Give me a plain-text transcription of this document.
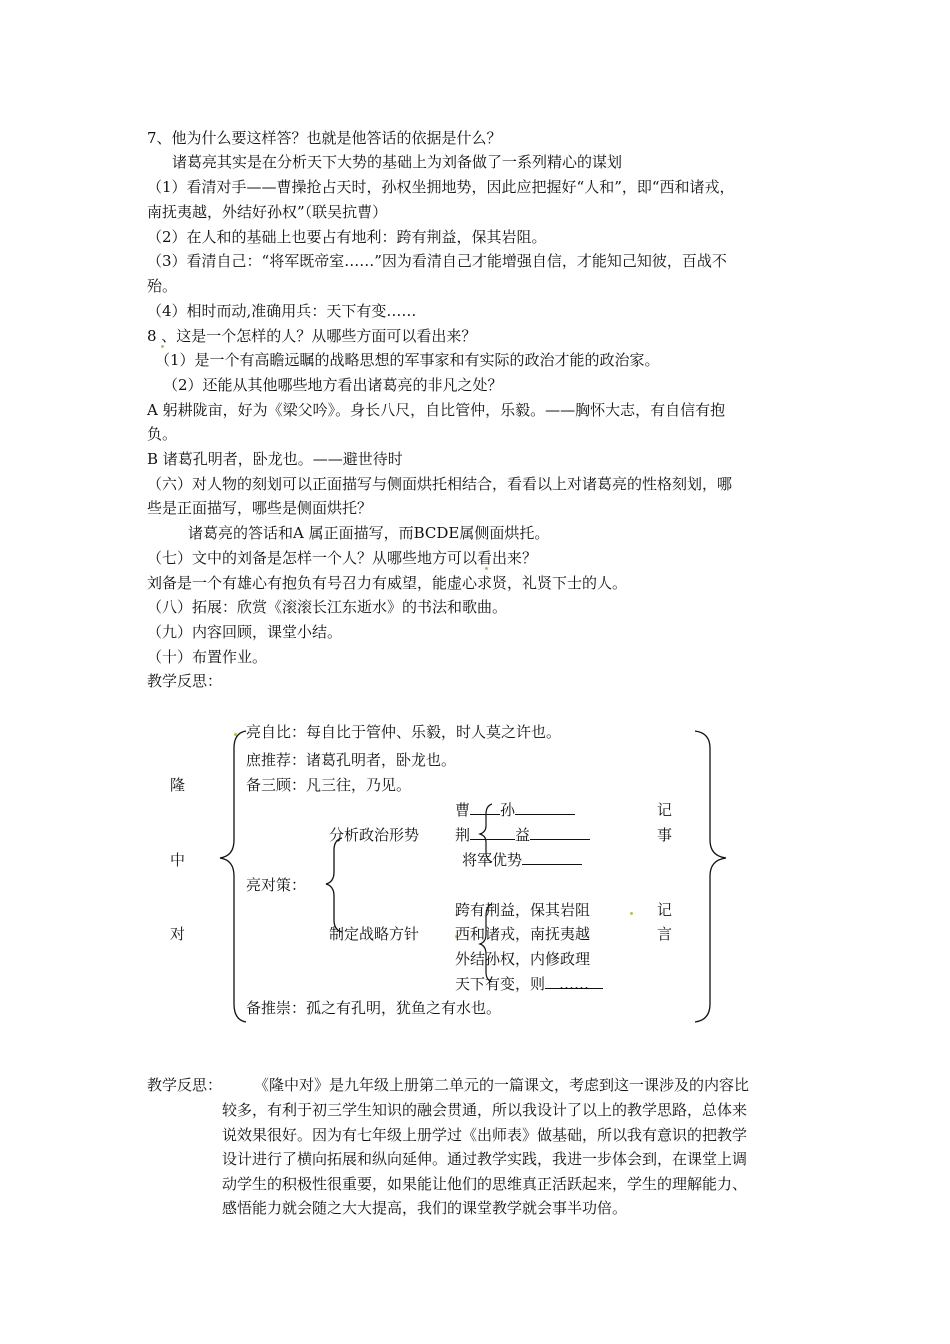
7、他为什么要这样答？也就是他答话的依据是什么？
诸葛亮其实是在分析天下大势的基础上为刘备做了一系列精心的谋划
（1）看清对手——曹操抢占天时，孙权坐拥地势，因此应把握好“人和”，即“西和诸戎，
南抚夷越，外结好孙权”（联吴抗曹）
（2）在人和的基础上也要占有地利：跨有荆益，保其岩阻。
（3）看清自己：“将军既帝室……”因为看清自己才能增强自信，才能知己知彼，百战不
殆。
（4）相时而动,准确用兵：天下有变……
8 、这是一个怎样的人？从哪些方面可以看出来？
（1）是一个有高瞻远瞩的战略思想的军事家和有实际的政治才能的政治家。
（2）还能从其他哪些地方看出诸葛亮的非凡之处？
A 躬耕陇亩，好为《梁父吟》。身长八尺，自比管仲，乐毅。——胸怀大志，有自信有抱
负。
B 诸葛孔明者，卧龙也。——避世待时
（六）对人物的刻划可以正面描写与侧面烘托相结合，看看以上对诸葛亮的性格刻划，哪
些是正面描写，哪些是侧面烘托？
诸葛亮的答话和A 属正面描写，而BCDE属侧面烘托。
（七）文中的刘备是怎样一个人？从哪些地方可以看出来？
刘备是一个有雄心有抱负有号召力有威望，能虚心求贤，礼贤下士的人。
（八）拓展：欣赏《滚滚长江东逝水》的书法和歌曲。
（九）内容回顾，课堂小结。
（十）布置作业。
教学反思：
隆
中
对
亮自比：每自比于管仲、乐毅，时人莫之许也。
庶推荐：诸葛孔明者，卧龙也。
备三顾：凡三往，乃见。
亮对策：
分析政治形势
制定战略方针
曹 孙
荆	益
将军优势
跨有荆益，保其岩阻
西和诸戎，南抚夷越
外结孙权，内修政理
天下有变，则 ……
备推崇：孤之有孔明，犹鱼之有水也。
记
事
记
言
教学反思： 《隆中对》是九年级上册第二单元的一篇课文，考虑到这一课涉及的内容比
较多，有利于初三学生知识的融会贯通，所以我设计了以上的教学思路，总体来
说效果很好。因为有七年级上册学过《出师表》做基础，所以我有意识的把教学
设计进行了横向拓展和纵向延伸。通过教学实践，我进一步体会到，在课堂上调
动学生的积极性很重要，如果能让他们的思维真正活跃起来，学生的理解能力、
感悟能力就会随之大大提高，我们的课堂教学就会事半功倍。
